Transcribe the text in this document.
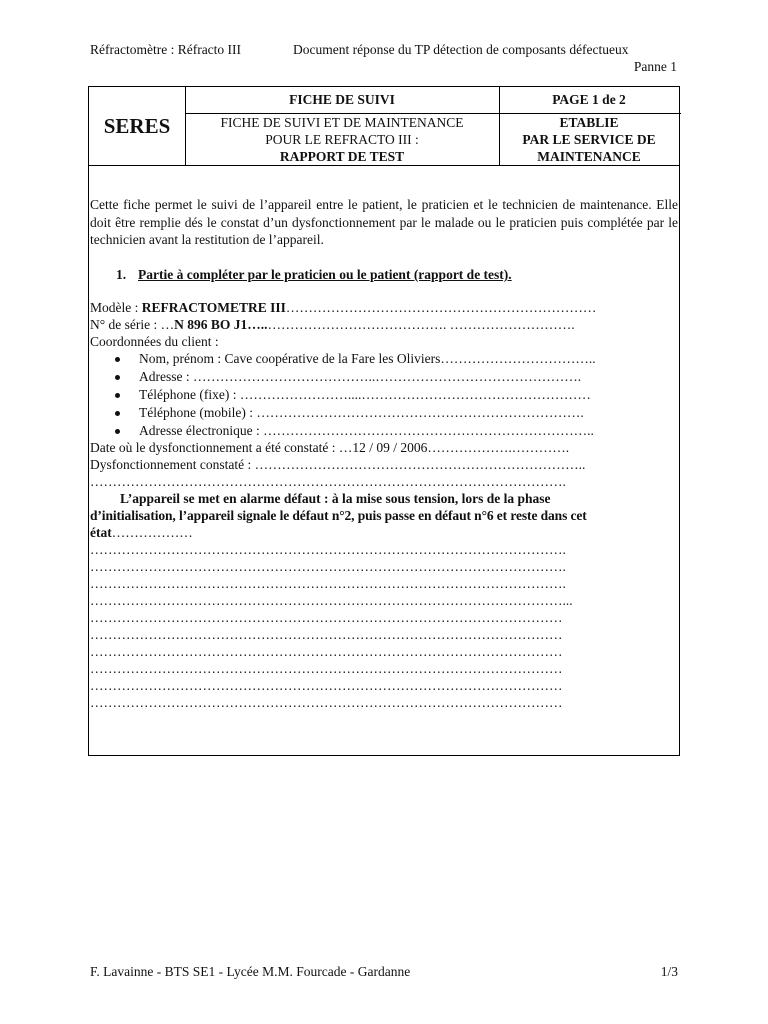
Réfractomètre : Réfracto III	Document réponse du TP détection de composants défectueux
Panne 1
SERES
FICHE DE SUIVI
FICHE DE SUIVI ET DE MAINTENANCE
POUR LE REFRACTO III :
RAPPORT DE TEST
PAGE 1 de 2
ETABLIE
PAR LE SERVICE DE
MAINTENANCE
Cette fiche permet le suivi de l’appareil entre le patient, le praticien et le technicien de maintenance. Elle doit être remplie dés le constat d’un dysfonctionnement par le malade ou le praticien puis complétée par le technicien avant la restitution de l’appareil.
1. Partie à compléter par le praticien ou le patient (rapport de test).
Modèle : REFRACTOMETRE III……………………………………………………………
N° de série : …N 896 BO J1…..…………………………………. ……………………….
Coordonnées du client :
Nom, prénom : Cave coopérative de la Fare les Oliviers……………………………..
Adresse : …………………………………..……………………………………….
Téléphone (fixe) : ……………………....……………………………………………
Téléphone (mobile) : ……………………………………………………………….
Adresse électronique : ………………………………………………………………..
Date où le dysfonctionnement a été constaté : …12 / 09 / 2006……………….………….
Dysfonctionnement constaté : ………………………………………………………………..
…………………………………………………………………………………………….
L’appareil se met en alarme défaut : à la mise sous tension, lors de la phase
d’initialisation, l’appareil signale le défaut n°2, puis passe en défaut n°6 et reste dans cet
état………………
…………………………………………………………………………………………….
…………………………………………………………………………………………….
…………………………………………………………………………………………….
……………………………………………………………………………………………...
……………………………………………………………………………………………
……………………………………………………………………………………………
……………………………………………………………………………………………
……………………………………………………………………………………………
……………………………………………………………………………………………
……………………………………………………………………………………………
F. Lavainne - BTS SE1 - Lycée M.M. Fourcade - Gardanne	1/3
